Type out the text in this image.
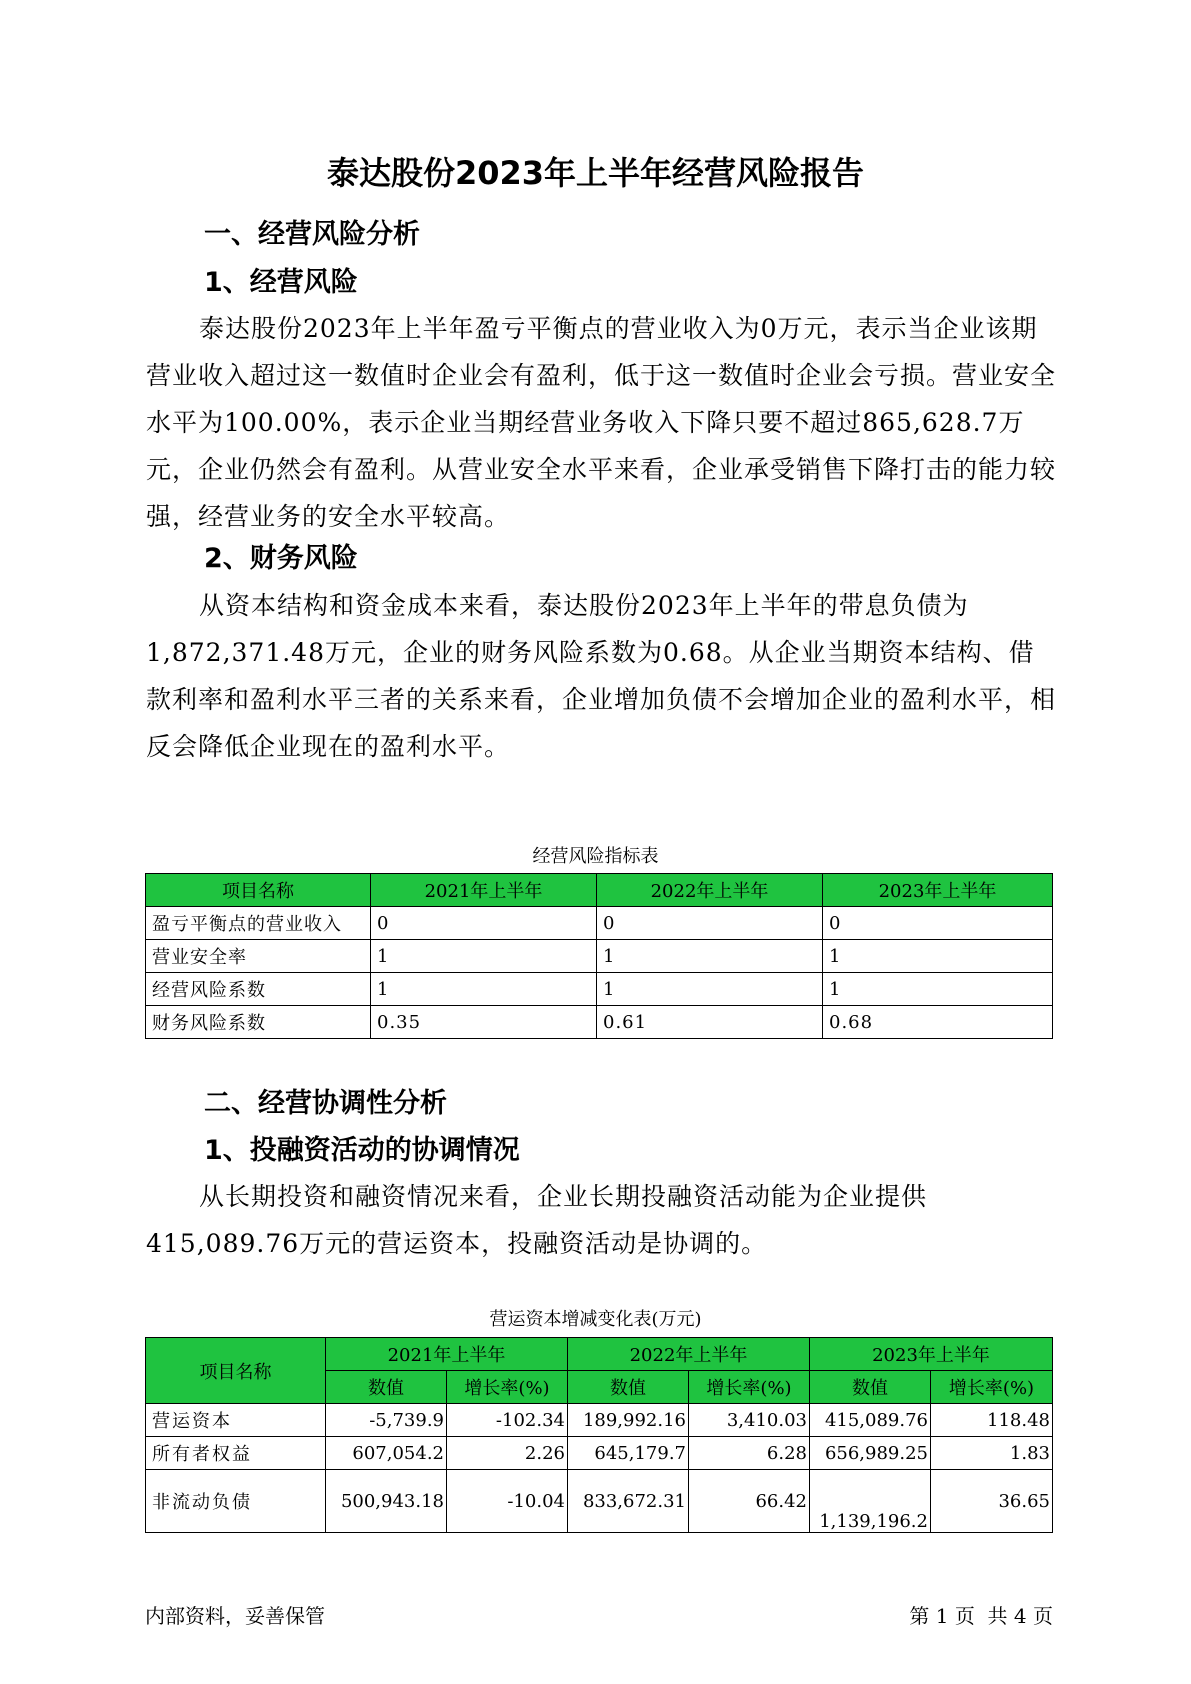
泰达股份2023年上半年经营风险报告
一、经营风险分析
1、经营风险

泰达股份2023年上半年盈亏平衡点的营业收入为0万元，表示当企业该期营业收入超过这一数值时企业会有盈利，低于这一数值时企业会亏损。营业安全水平为100.00%，表示企业当期经营业务收入下降只要不超过865,628.7万元，企业仍然会有盈利。从营业安全水平来看，企业承受销售下降打击的能力较强，经营业务的安全水平较高。

2、财务风险

从资本结构和资金成本来看，泰达股份2023年上半年的带息负债为1,872,371.48万元，企业的财务风险系数为0.68。从企业当期资本结构、借款利率和盈利水平三者的关系来看，企业增加负债不会增加企业的盈利水平，相反会降低企业现在的盈利水平。

经营风险指标表
项目名称	2021年上半年	2022年上半年	2023年上半年
盈亏平衡点的营业收入	0	0	0
营业安全率	1	1	1
经营风险系数	1	1	1
财务风险系数	0.35	0.61	0.68
二、经营协调性分析
1、投融资活动的协调情况

从长期投资和融资情况来看，企业长期投融资活动能为企业提供415,089.76万元的营运资本，投融资活动是协调的。

营运资本增减变化表(万元)
项目名称	2021年上半年		2022年上半年		2023年上半年	
	数值	增长率(%)	数值	增长率(%)	数值	增长率(%)
营运资本	-5,739.9	-102.34	189,992.16	3,410.03	415,089.76	118.48
所有者权益	607,054.2	2.26	645,179.7	6.28	656,989.25	1.83
非流动负债	500,943.18	-10.04	833,672.31	66.42	1,139,196.2	36.65
内部资料，妥善保管	第 1 页  共 4 页
